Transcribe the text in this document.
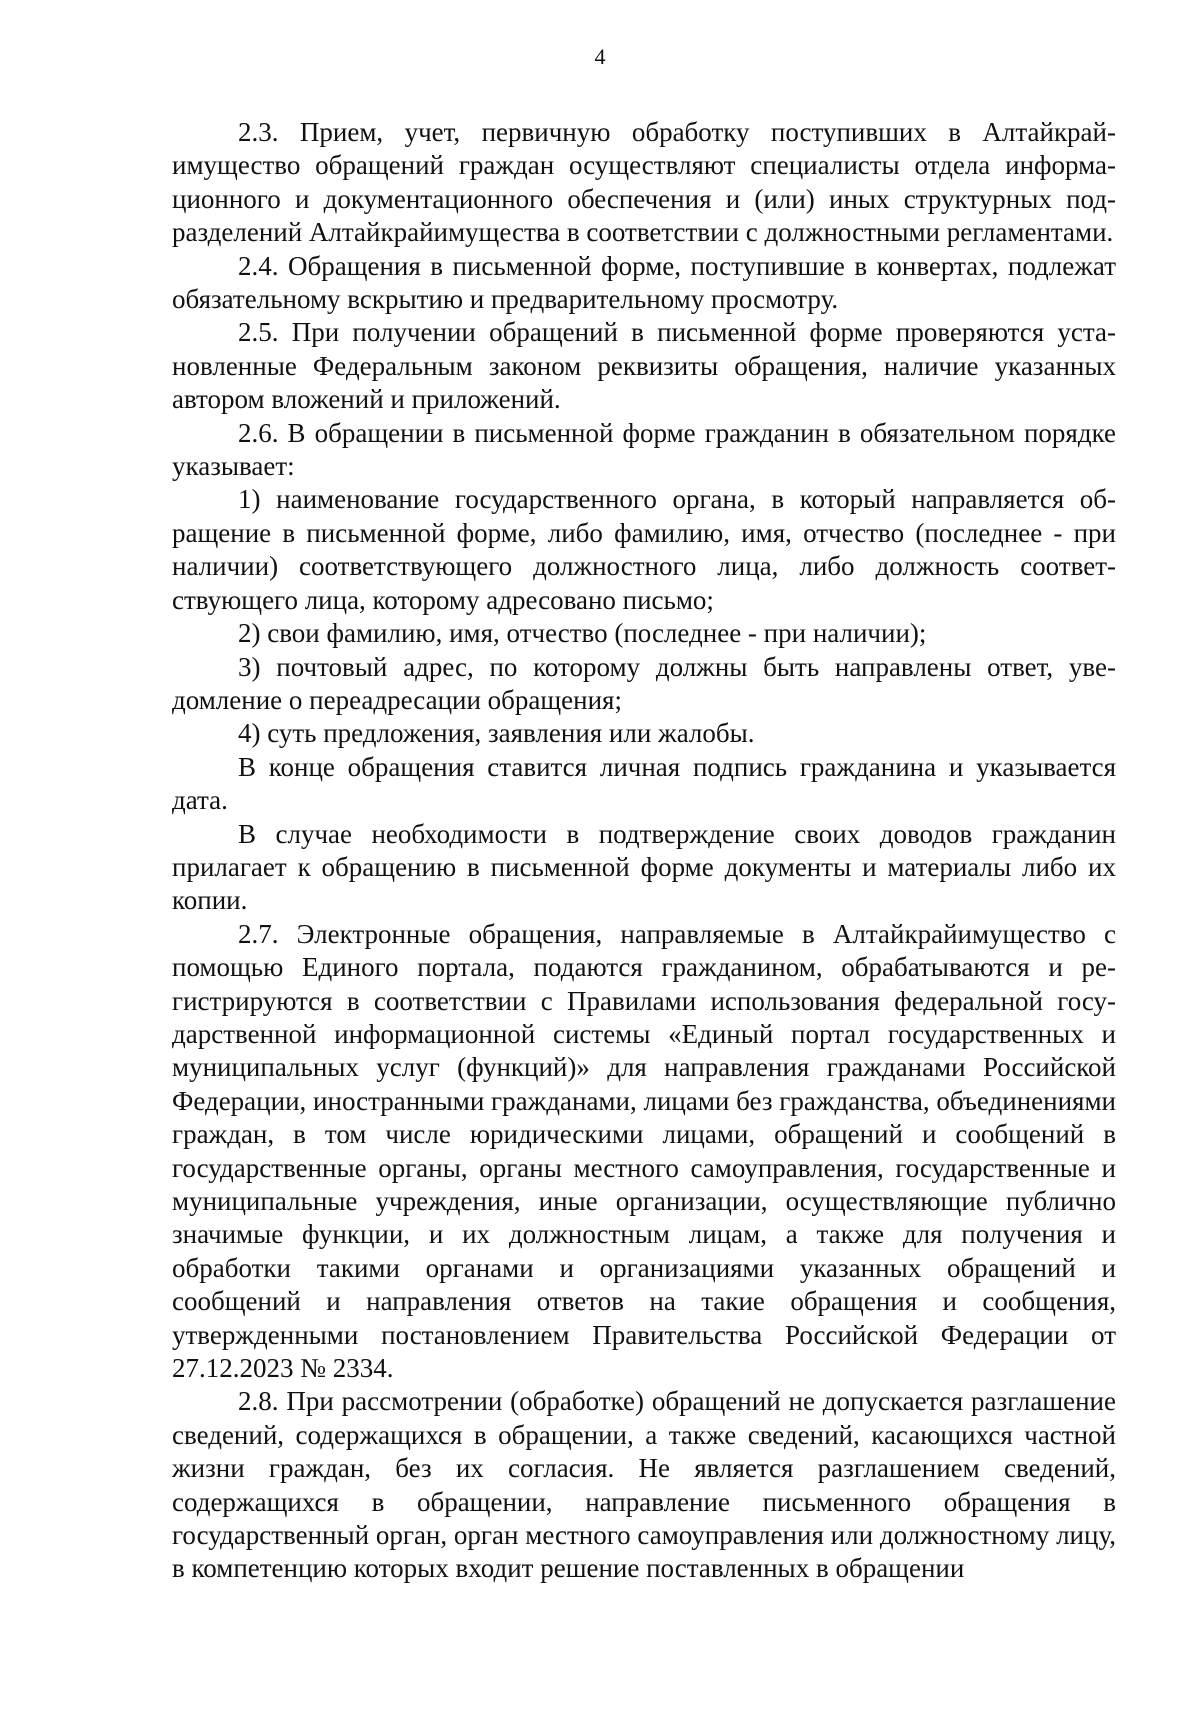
4

2.3. Прием, учет, первичную обработку поступивших в Алтайкрайимущество обращений граждан осуществляют специалисты отдела информационного и документационного обеспечения и (или) иных структурных подразделений Алтайкрайимущества в соответствии с должностными регламентами.

2.4. Обращения в письменной форме, поступившие в конвертах, подлежат обязательному вскрытию и предварительному просмотру.

2.5. При получении обращений в письменной форме проверяются установленные Федеральным законом реквизиты обращения, наличие указанных автором вложений и приложений.

2.6. В обращении в письменной форме гражданин в обязательном порядке указывает:

1) наименование государственного органа, в который направляется обращение в письменной форме, либо фамилию, имя, отчество (последнее - при наличии) соответствующего должностного лица, либо должность соответствующего лица, которому адресовано письмо;

2) свои фамилию, имя, отчество (последнее - при наличии);

3) почтовый адрес, по которому должны быть направлены ответ, уведомление о переадресации обращения;

4) суть предложения, заявления или жалобы.

В конце обращения ставится личная подпись гражданина и указывается дата.

В случае необходимости в подтверждение своих доводов гражданин прилагает к обращению в письменной форме документы и материалы либо их копии.

2.7. Электронные обращения, направляемые в Алтайкрайимущество с помощью Единого портала, подаются гражданином, обрабатываются и регистрируются в соответствии с Правилами использования федеральной государственной информационной системы «Единый портал государственных и муниципальных услуг (функций)» для направления гражданами Российской Федерации, иностранными гражданами, лицами без гражданства, объединениями граждан, в том числе юридическими лицами, обращений и сообщений в государственные органы, органы местного самоуправления, государственные и муниципальные учреждения, иные организации, осуществляющие публично значимые функции, и их должностным лицам, а также для получения и обработки такими органами и организациями указанных обращений и сообщений и направления ответов на такие обращения и сообщения, утвержденными постановлением Правительства Российской Федерации от 27.12.2023 № 2334.

2.8. При рассмотрении (обработке) обращений не допускается разглашение сведений, содержащихся в обращении, а также сведений, касающихся частной жизни граждан, без их согласия. Не является разглашением сведений, содержащихся в обращении, направление письменного обращения в государственный орган, орган местного самоуправления или должностному лицу, в компетенцию которых входит решение поставленных в обращении
